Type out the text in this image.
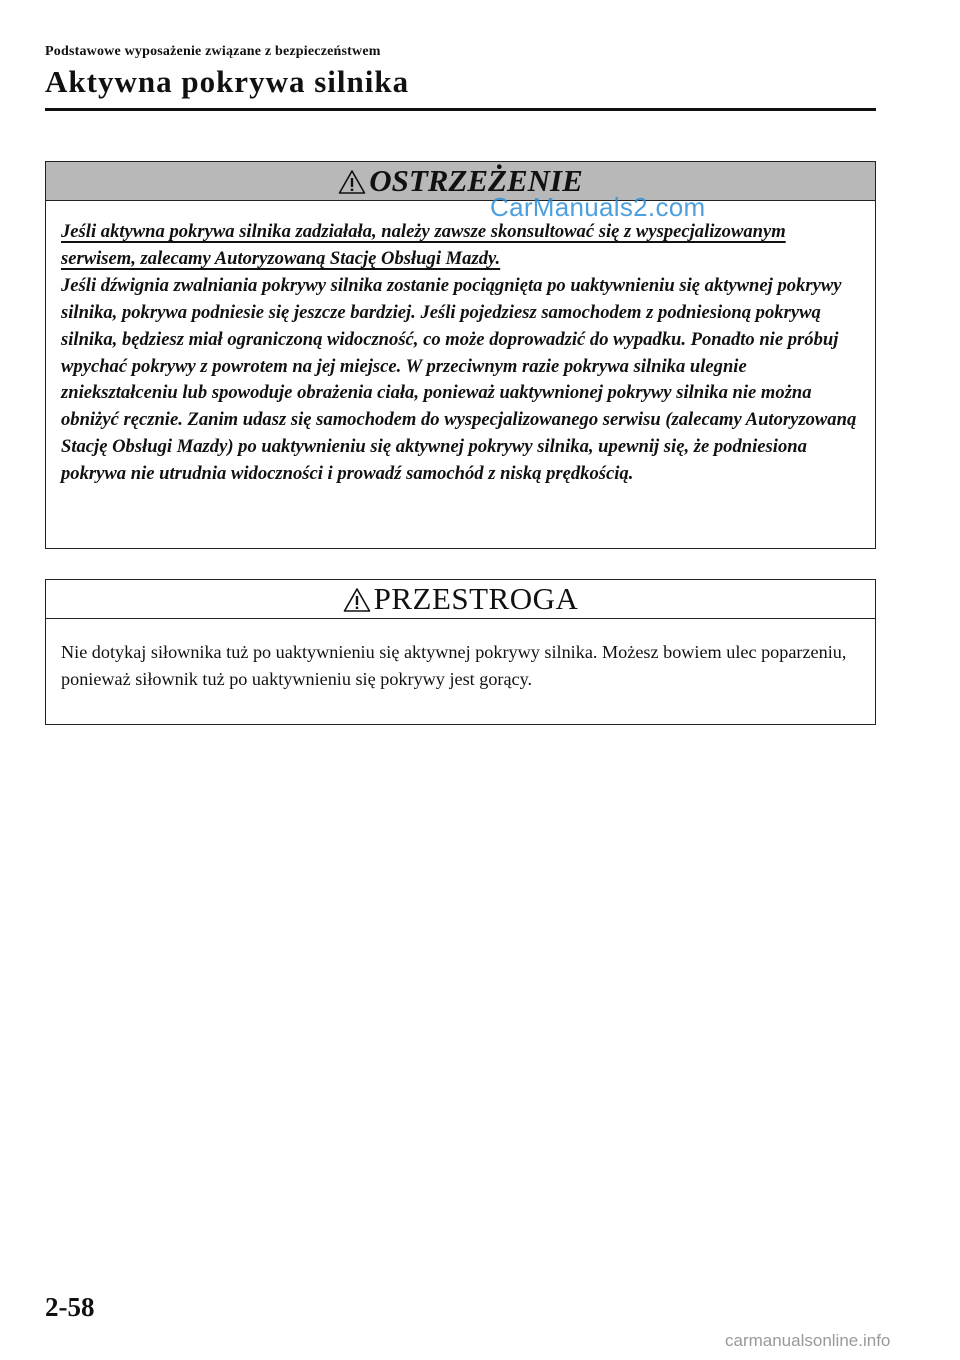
Podstawowe wyposażenie związane z bezpieczeństwem
Aktywna pokrywa silnika
OSTRZEŻENIE

Jeśli aktywna pokrywa silnika zadziałała, należy zawsze skonsultować się z wyspecjalizowanym serwisem, zalecamy Autoryzowaną Stację Obsługi Mazdy.
Jeśli dźwignia zwalniania pokrywy silnika zostanie pociągnięta po uaktywnieniu się aktywnej pokrywy silnika, pokrywa podniesie się jeszcze bardziej. Jeśli pojedziesz samochodem z podniesioną pokrywą silnika, będziesz miał ograniczoną widoczność, co może doprowadzić do wypadku. Ponadto nie próbuj wpychać pokrywy z powrotem na jej miejsce. W przeciwnym razie pokrywa silnika ulegnie zniekształceniu lub spowoduje obrażenia ciała, ponieważ uaktywnionej pokrywy silnika nie można obniżyć ręcznie. Zanim udasz się samochodem do wyspecjalizowanego serwisu (zalecamy Autoryzowaną Stację Obsługi Mazdy) po uaktywnieniu się aktywnej pokrywy silnika, upewnij się, że podniesiona pokrywa nie utrudnia widoczności i prowadź samochód z niską prędkością.

CarManuals2.com
PRZESTROGA

Nie dotykaj siłownika tuż po uaktywnieniu się aktywnej pokrywy silnika. Możesz bowiem ulec poparzeniu, ponieważ siłownik tuż po uaktywnieniu się pokrywy jest gorący.

2-58
carmanualsonline.info
